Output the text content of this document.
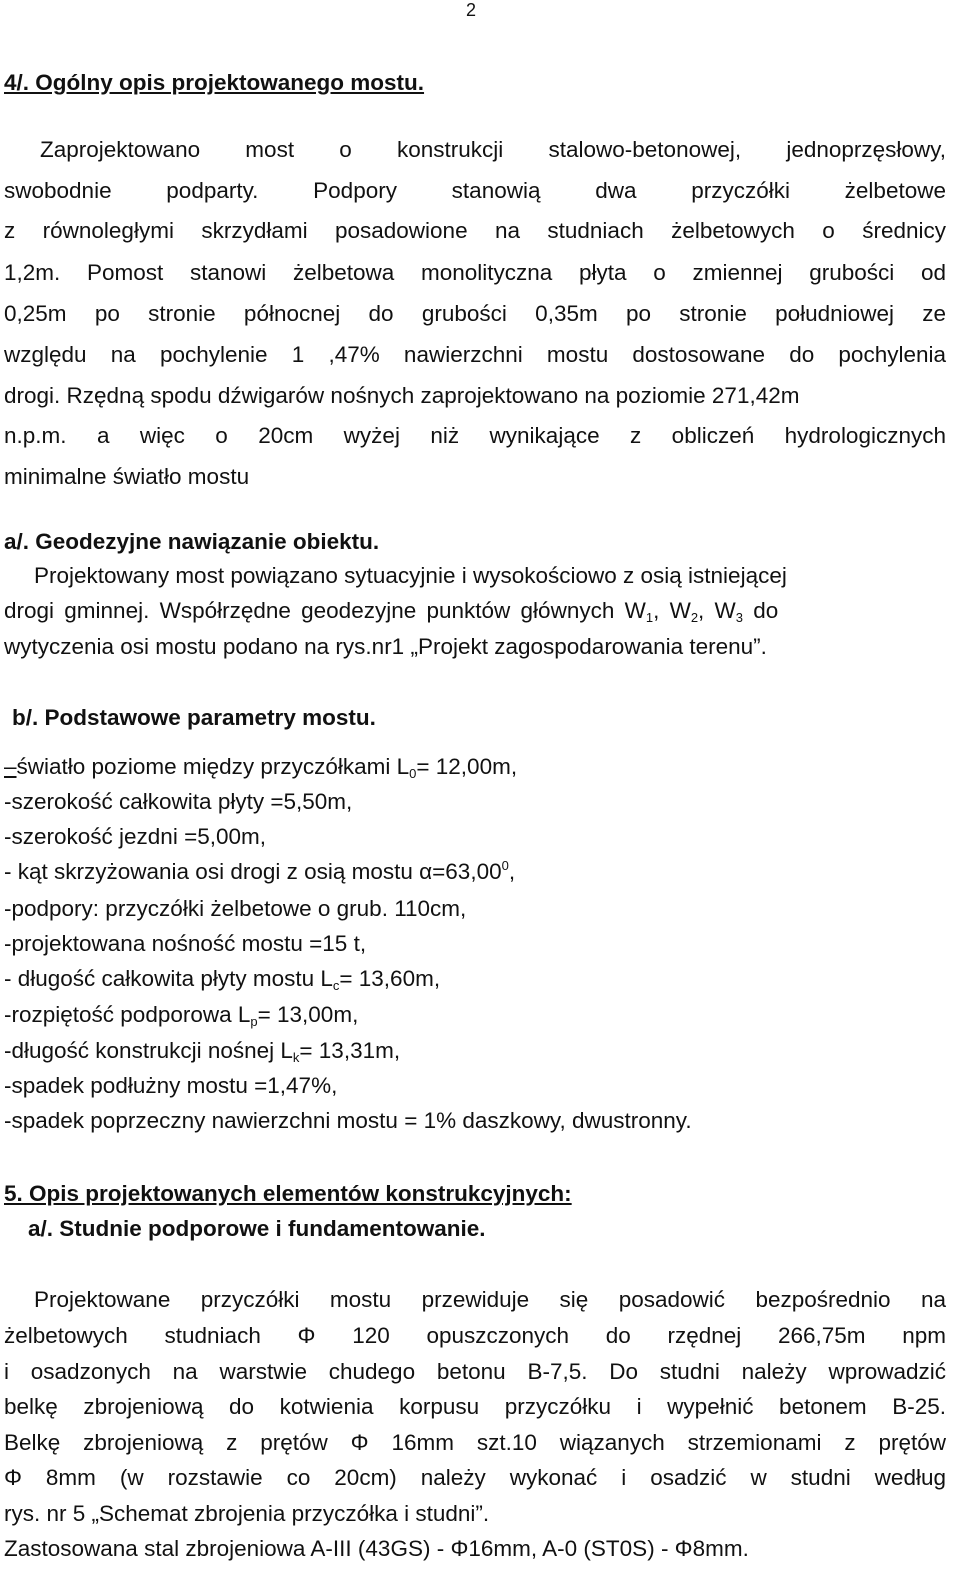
2
4/. Ogólny opis projektowanego mostu.
Zaprojektowano most o konstrukcji stalowo-betonowej, jednoprzęsłowy,
swobodnie podparty. Podpory stanowią dwa przyczółki żelbetowe
z równoległymi skrzydłami posadowione na studniach żelbetowych o średnicy
1,2m. Pomost stanowi żelbetowa monolityczna płyta o zmiennej grubości od
0,25m po stronie północnej do grubości 0,35m po stronie południowej ze
względu na pochylenie 1 ,47% nawierzchni mostu dostosowane do pochylenia
drogi. Rzędną spodu dźwigarów nośnych zaprojektowano na poziomie 271,42m
n.p.m. a więc o 20cm wyżej niż wynikające z obliczeń hydrologicznych
minimalne światło mostu
a/. Geodezyjne nawiązanie obiektu.
Projektowany most powiązano sytuacyjnie i wysokościowo z osią istniejącej
drogi gminnej. Współrzędne geodezyjne punktów głównych $W_1$, $W_2$, $W_3$ do
wytyczenia osi mostu podano na rys.nr1 „Projekt zagospodarowania terenu”.
b/. Podstawowe parametry mostu.
–światło poziome między przyczółkami $L_0= 12,00m$,
-szerokość całkowita płyty =5,50m,
-szerokość jezdni =5,00m,
- kąt skrzyżowania osi drogi z osią mostu $\alpha=63,00^0$,
-podpory: przyczółki żelbetowe o grub. 110cm,
-projektowana nośność mostu =15 t,
- długość całkowita płyty mostu $L_c= 13,60m$,
-rozpiętość podporowa $L_p= 13,00m$,
-długość konstrukcji nośnej $L_k= 13,31m$,
-spadek podłużny mostu =1,47%,
-spadek poprzeczny nawierzchni mostu = 1% daszkowy, dwustronny.
5. Opis projektowanych elementów konstrukcyjnych:
a/. Studnie podporowe i fundamentowanie.
Projektowane przyczółki mostu przewiduje się posadowić bezpośrednio na
żelbetowych studniach Φ 120 opuszczonych do rzędnej 266,75m npm
i osadzonych na warstwie chudego betonu B-7,5. Do studni należy wprowadzić
belkę zbrojeniową do kotwienia korpusu przyczółku i wypełnić betonem B-25.
Belkę zbrojeniową z prętów Φ 16mm szt.10 wiązanych strzemionami z prętów
Φ 8mm (w rozstawie co 20cm) należy wykonać i osadzić w studni według
rys. nr 5 „Schemat zbrojenia przyczółka i studni”.
Zastosowana stal zbrojeniowa A-III (43GS) - Φ16mm, A-0 (ST0S) - Φ8mm.
